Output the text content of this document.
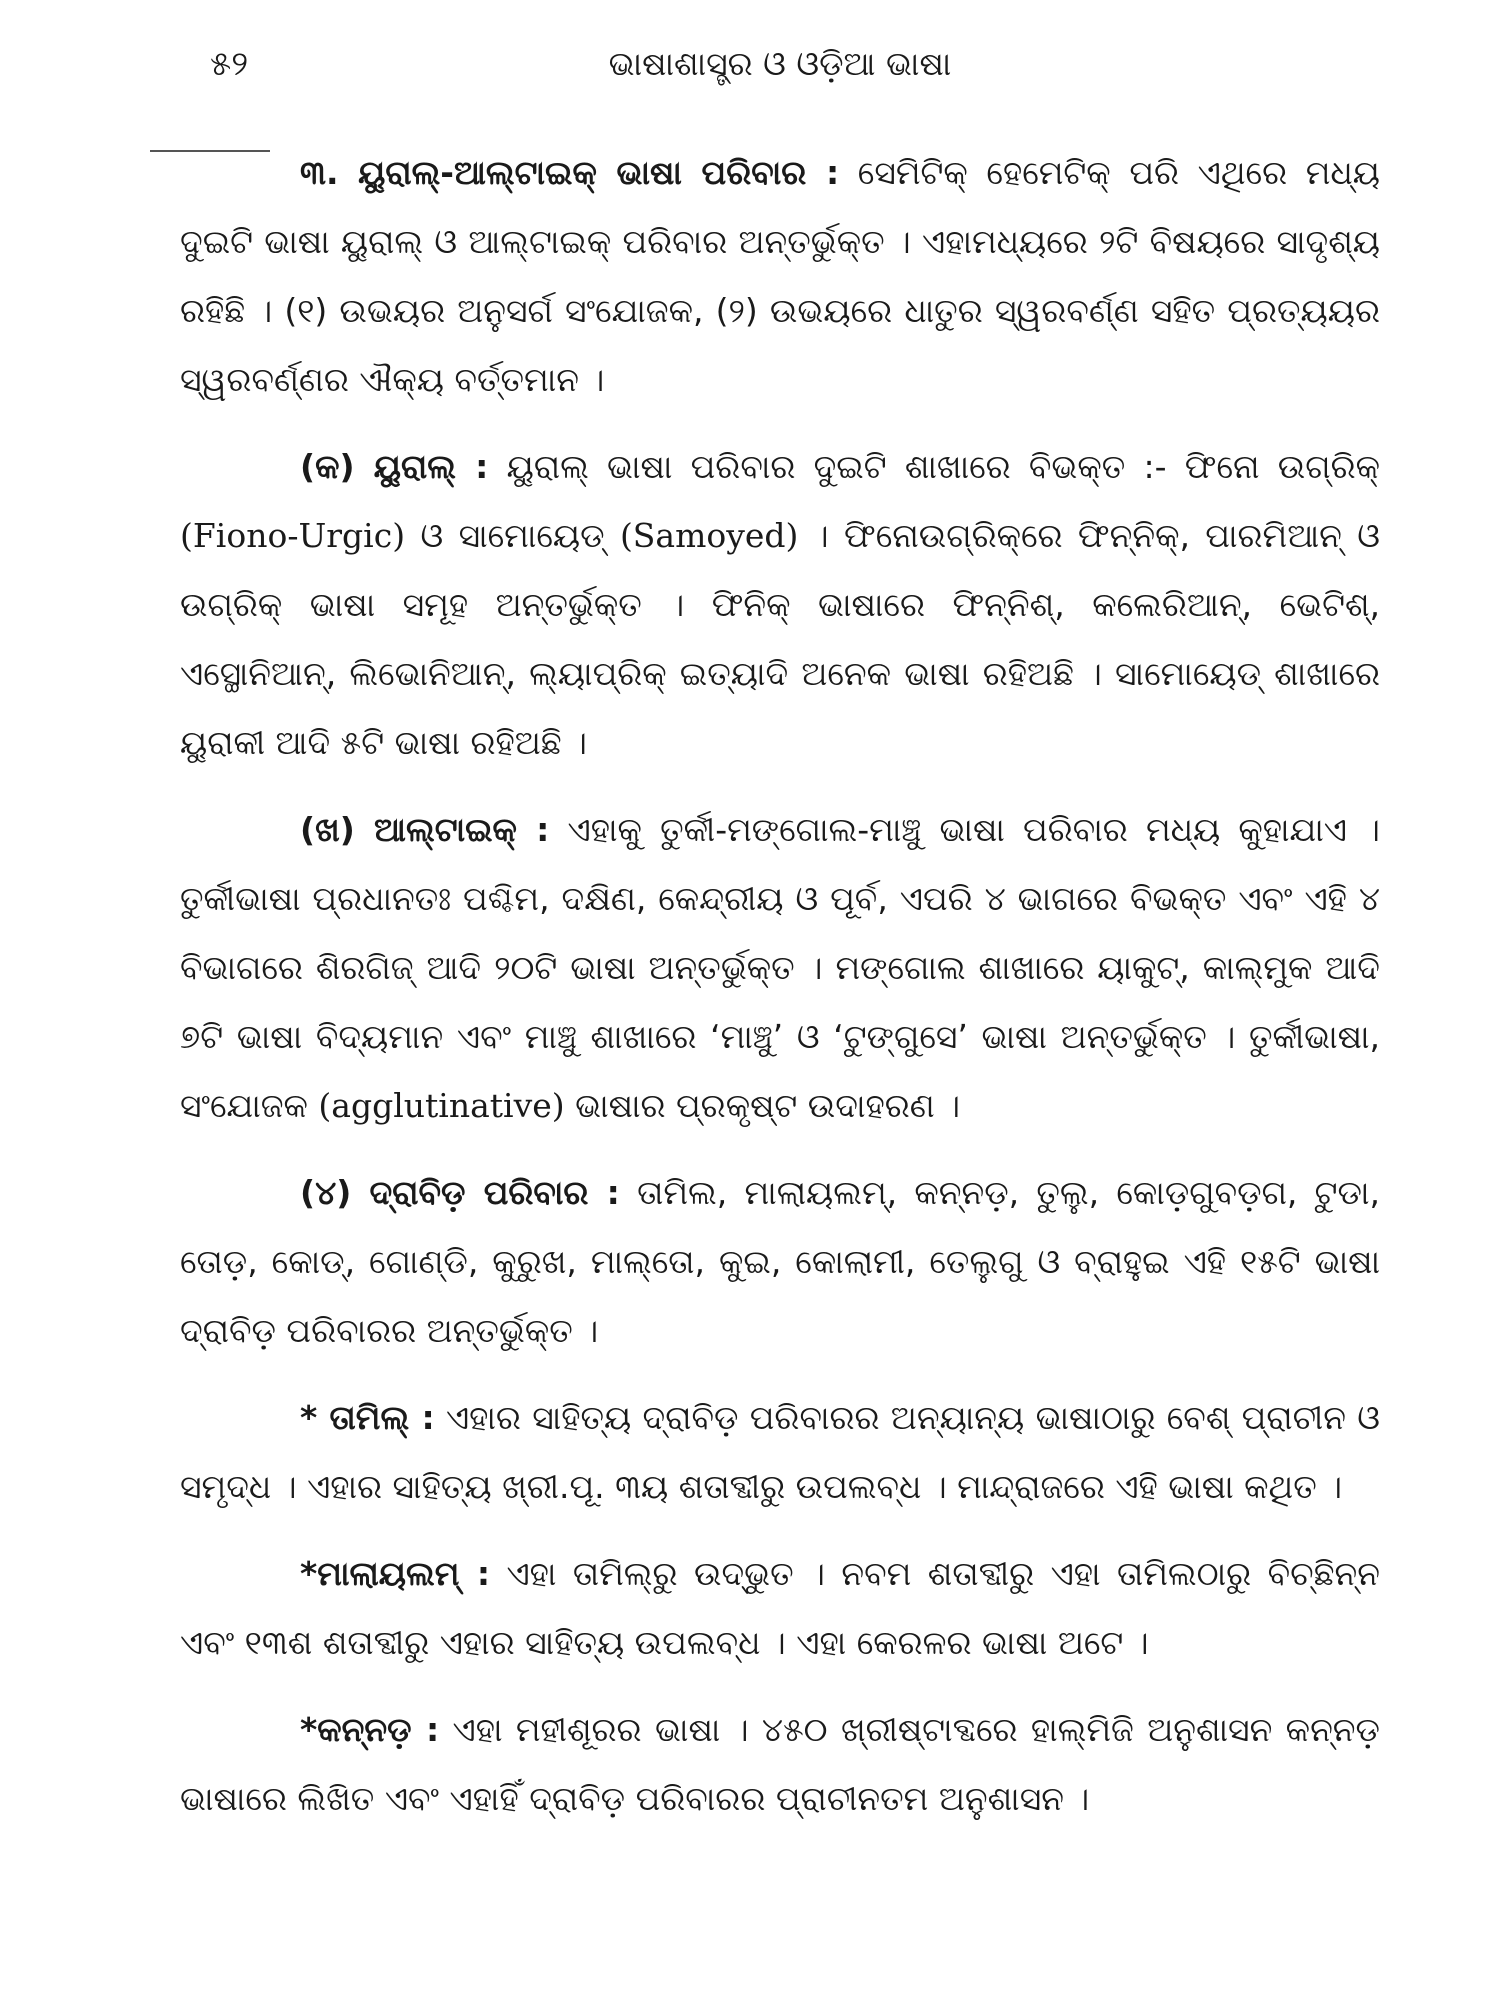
୫୨	ଭାଷାଶାସ୍ତ୍ର ଓ ଓଡ଼ିଆ ଭାଷା

୩. ୟୁରାଲ୍-ଆଲ୍‌ଟାଇକ୍ ଭାଷା ପରିବାର : ସେମିଟିକ୍ ହେମେଟିକ୍ ପରି ଏଥିରେ ମଧ୍ୟ ଦୁଇଟି ଭାଷା ୟୁରାଲ୍ ଓ ଆଲ୍‌ଟାଇକ୍ ପରିବାର ଅନ୍ତର୍ଭୁକ୍ତ । ଏହାମଧ୍ୟରେ ୨ଟି ବିଷୟରେ ସାଦୃଶ୍ୟ ରହିଛି । (୧) ଉଭୟର ଅନୁସର୍ଗ ସଂଯୋଜକ, (୨) ଉଭୟରେ ଧାତୁର ସ୍ୱରବର୍ଣ୍ଣ ସହିତ ପ୍ରତ୍ୟୟର ସ୍ୱରବର୍ଣ୍ଣର ଐକ୍ୟ ବର୍ତ୍ତମାନ ।

(କ) ୟୁରାଲ୍ : ୟୁରାଲ୍ ଭାଷା ପରିବାର ଦୁଇଟି ଶାଖାରେ ବିଭକ୍ତ :- ଫିନୋ ଉଗ୍ରିକ୍ (Fiono-Urgic) ଓ ସାମୋୟେଡ୍ (Samoyed) । ଫିନୋଉଗ୍ରିକ୍‌ରେ ଫିନ୍ନିକ୍, ପାରମିଆନ୍ ଓ ଉଗ୍ରିକ୍ ଭାଷା ସମୂହ ଅନ୍ତର୍ଭୁକ୍ତ । ଫିନିକ୍ ଭାଷାରେ ଫିନ୍ନିଶ୍, କଲେରିଆନ୍, ଭେଟିଶ୍, ଏସ୍ଥୋନିଆନ୍, ଲିଭୋନିଆନ୍, ଲ୍ୟାପ୍ରିକ୍ ଇତ୍ୟାଦି ଅନେକ ଭାଷା ରହିଅଛି । ସାମୋୟେଡ୍ ଶାଖାରେ ୟୁରାକୀ ଆଦି ୫ଟି ଭାଷା ରହିଅଛି ।

(ଖ) ଆଲ୍‌ଟାଇକ୍ : ଏହାକୁ ତୁର୍କୀ-ମଙ୍ଗୋଲ-ମାଞ୍ଚୁ ଭାଷା ପରିବାର ମଧ୍ୟ କୁହାଯାଏ । ତୁର୍କୀଭାଷା ପ୍ରଧାନତଃ ପଶ୍ଚିମ, ଦକ୍ଷିଣ, କେନ୍ଦ୍ରୀୟ ଓ ପୂର୍ବ, ଏପରି ୪ ଭାଗରେ ବିଭକ୍ତ ଏବଂ ଏହି ୪ ବିଭାଗରେ ଶିରଗିଜ୍ ଆଦି ୨୦ଟି ଭାଷା ଅନ୍ତର୍ଭୁକ୍ତ । ମଙ୍ଗୋଲ ଶାଖାରେ ୟାକୁଟ୍, କାଲ୍‌ମୁକ ଆଦି ୭ଟି ଭାଷା ବିଦ୍ୟମାନ ଏବଂ ମାଞ୍ଚୁ ଶାଖାରେ ‘ମାଞ୍ଚୁ’ ଓ ‘ଟୁଙ୍ଗୁସେ’ ଭାଷା ଅନ୍ତର୍ଭୁକ୍ତ । ତୁର୍କୀଭାଷା, ସଂଯୋଜକ (agglutinative) ଭାଷାର ପ୍ରକୃଷ୍ଟ ଉଦାହରଣ ।

(୪) ଦ୍ରାବିଡ଼ ପରିବାର : ତାମିଲ, ମାଲାୟଲମ୍, କନ୍ନଡ଼, ତୁଲୁ, କୋଡ଼ଗୁବଡ଼ଗ, ଟୁଡା, ତୋଡ଼, କୋଡ୍, ଗୋଣ୍ଡି, କୁରୁଖ, ମାଲ୍‌ତୋ, କୁଇ, କୋଲାମୀ, ତେଲୁଗୁ ଓ ବ୍ରାହୁଇ ଏହି ୧୫ଟି ଭାଷା ଦ୍ରାବିଡ଼ ପରିବାରର ଅନ୍ତର୍ଭୁକ୍ତ ।

* ତାମିଲ୍ : ଏହାର ସାହିତ୍ୟ ଦ୍ରାବିଡ଼ ପରିବାରର ଅନ୍ୟାନ୍ୟ ଭାଷାଠାରୁ ବେଶ୍ ପ୍ରାଚୀନ ଓ ସମୃଦ୍ଧ । ଏହାର ସାହିତ୍ୟ ଖ୍ରୀ.ପୂ. ୩ୟ ଶତାବ୍ଦୀରୁ ଉପଲବ୍ଧ । ମାନ୍ଦ୍ରାଜରେ ଏହି ଭାଷା କଥିତ ।

*ମାଲାୟଲମ୍ : ଏହା ତାମିଲ୍‌ରୁ ଉଦ୍ଭୁତ । ନବମ ଶତାବ୍ଦୀରୁ ଏହା ତାମିଲଠାରୁ ବିଚ୍ଛିନ୍ନ ଏବଂ ୧୩ଶ ଶତାବ୍ଦୀରୁ ଏହାର ସାହିତ୍ୟ ଉପଲବ୍ଧ । ଏହା କେରଳର ଭାଷା ଅଟେ ।

*କନ୍ନଡ଼ : ଏହା ମହୀଶୂରର ଭାଷା । ୪୫୦ ଖ୍ରୀଷ୍ଟାବ୍ଦରେ ହାଲ୍‌ମିଜି ଅନୁଶାସନ କନ୍ନଡ଼ ଭାଷାରେ ଲିଖିତ ଏବଂ ଏହାହିଁ ଦ୍ରାବିଡ଼ ପରିବାରର ପ୍ରାଚୀନତମ ଅନୁଶାସନ ।
